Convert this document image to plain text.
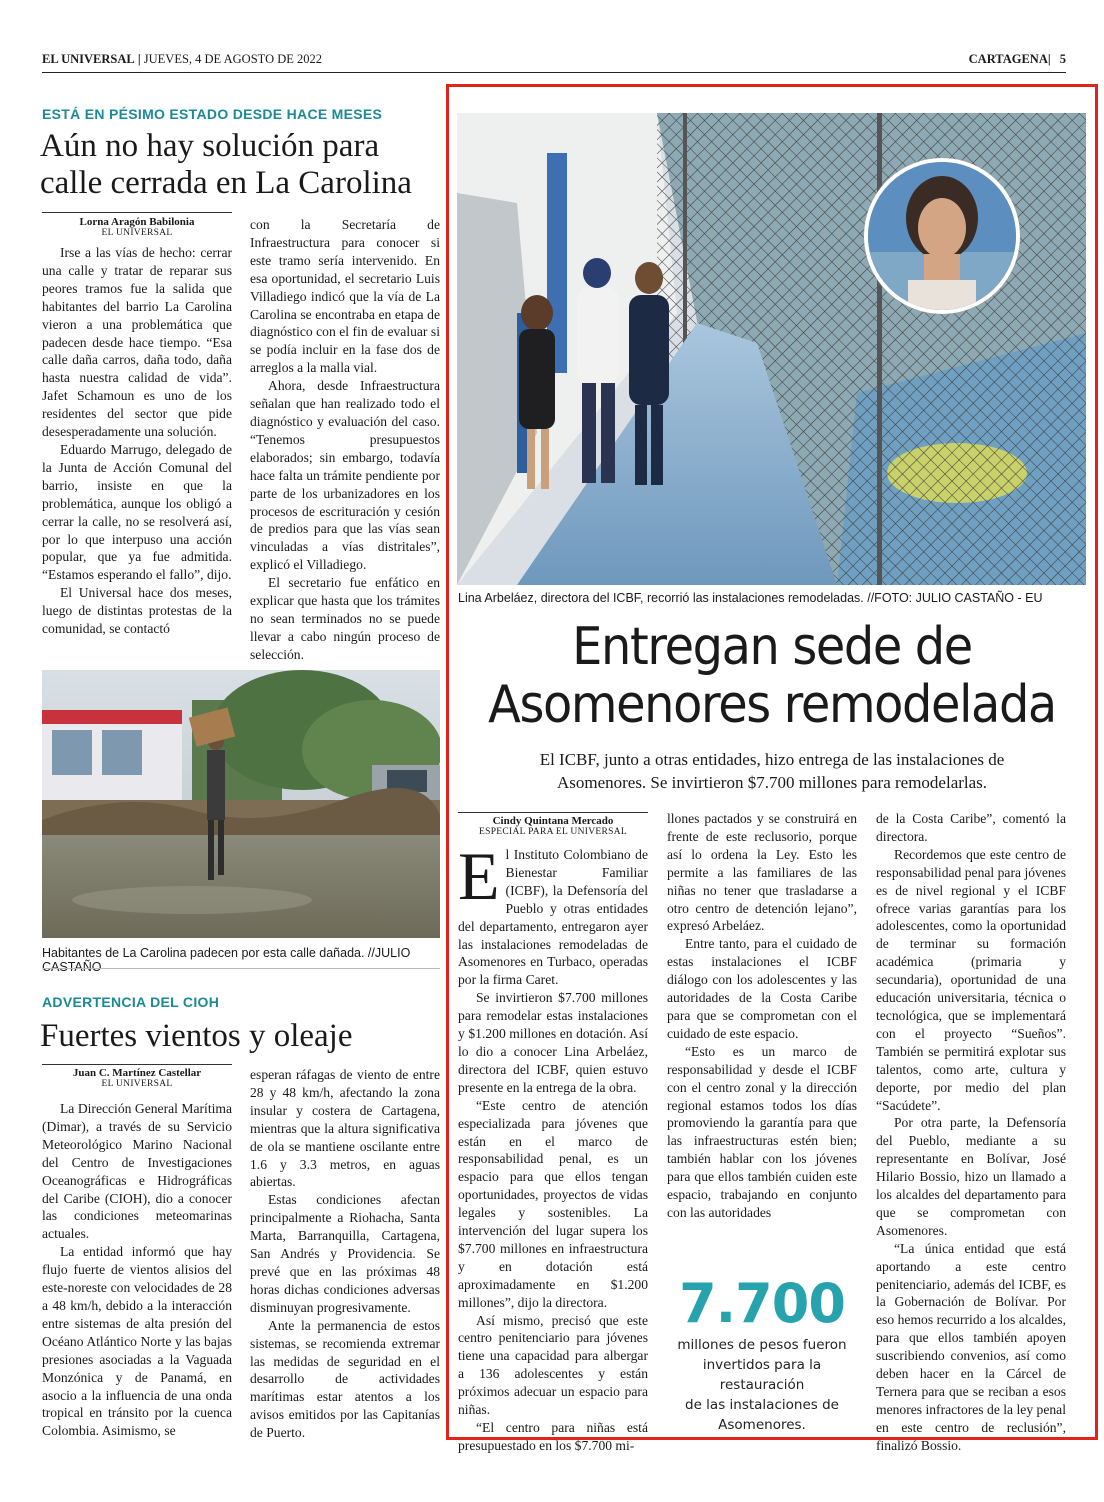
EL UNIVERSAL | JUEVES, 4 DE AGOSTO DE 2022	CARTAGENA| 5
ESTÁ EN PÉSIMO ESTADO DESDE HACE MESES
Aún no hay solución para
calle cerrada en La Carolina
Lorna Aragón Babilonia
EL UNIVERSAL

Irse a las vías de hecho: cerrar una calle y tratar de reparar sus peores tramos fue la salida que habitantes del barrio La Carolina vieron a una problemática que padecen desde hace tiempo. “Esa calle daña carros, daña todo, daña hasta nuestra calidad de vida”. Jafet Schamoun es uno de los residentes del sector que pide desesperadamente una solución.

Eduardo Marrugo, delegado de la Junta de Acción Comunal del barrio, insiste en que la problemática, aunque los obligó a cerrar la calle, no se resolverá así, por lo que interpuso una acción popular, que ya fue admitida. “Estamos esperando el fallo”, dijo.

El Universal hace dos meses, luego de distintas protestas de la comunidad, se contactó

con la Secretaría de Infraestructura para conocer si este tramo sería intervenido. En esa oportunidad, el secretario Luis Villadiego indicó que la vía de La Carolina se encontraba en etapa de diagnóstico con el fin de evaluar si se podía incluir en la fase dos de arreglos a la malla vial.

Ahora, desde Infraestructura señalan que han realizado todo el diagnóstico y evaluación del caso. “Tenemos presupuestos elaborados; sin embargo, todavía hace falta un trámite pendiente por parte de los urbanizadores en los procesos de escrituración y cesión de predios para que las vías sean vinculadas a vías distritales”, explicó el Villadiego.

El secretario fue enfático en explicar que hasta que los trámites no sean terminados no se puede llevar a cabo ningún proceso de selección.

Habitantes de La Carolina padecen por esta calle dañada. //JULIO CASTAÑO
ADVERTENCIA DEL CIOH
Fuertes vientos y oleaje
Juan C. Martínez Castellar
EL UNIVERSAL

La Dirección General Marítima (Dimar), a través de su Servicio Meteorológico Marino Nacional del Centro de Investigaciones Oceanográficas e Hidrográficas del Caribe (CIOH), dio a conocer las condiciones meteomarinas actuales.

La entidad informó que hay flujo fuerte de vientos alisios del este-noreste con velocidades de 28 a 48 km/h, debido a la interacción entre sistemas de alta presión del Océano Atlántico Norte y las bajas presiones asociadas a la Vaguada Monzónica y de Panamá, en asocio a la influencia de una onda tropical en tránsito por la cuenca Colombia. Asimismo, se

esperan ráfagas de viento de entre 28 y 48 km/h, afectando la zona insular y costera de Cartagena, mientras que la altura significativa de ola se mantiene oscilante entre 1.6 y 3.3 metros, en aguas abiertas.

Estas condiciones afectan principalmente a Riohacha, Santa Marta, Barranquilla, Cartagena, San Andrés y Providencia. Se prevé que en las próximas 48 horas dichas condiciones adversas disminuyan progresivamente.

Ante la permanencia de estos sistemas, se recomienda extremar las medidas de seguridad en el desarrollo de actividades marítimas estar atentos a los avisos emitidos por las Capitanías de Puerto.

Lina Arbeláez, directora del ICBF, recorrió las instalaciones remodeladas. //FOTO: JULIO CASTAÑO - EU
Entregan sede de
Asomenores remodelada
El ICBF, junto a otras entidades, hizo entrega de las instalaciones de
Asomenores. Se invirtieron $7.700 millones para remodelarlas.
Cindy Quintana Mercado
ESPECIAL PARA EL UNIVERSAL

El Instituto Colombiano de Bienestar Familiar (ICBF), la Defensoría del Pueblo y otras entidades del departamento, entregaron ayer las instalaciones remodeladas de Asomenores en Turbaco, operadas por la firma Caret.

Se invirtieron $7.700 millones para remodelar estas instalaciones y $1.200 millones en dotación. Así lo dio a conocer Lina Arbeláez, directora del ICBF, quien estuvo presente en la entrega de la obra.

“Este centro de atención especializada para jóvenes que están en el marco de responsabilidad penal, es un espacio para que ellos tengan oportunidades, proyectos de vidas legales y sostenibles. La intervención del lugar supera los $7.700 millones en infraestructura y en dotación está aproximadamente en $1.200 millones”, dijo la directora.

Así mismo, precisó que este centro penitenciario para jóvenes tiene una capacidad para albergar a 136 adolescentes y están próximos adecuar un espacio para niñas.

“El centro para niñas está presupuestado en los $7.700 mi-

llones pactados y se construirá en frente de este reclusorio, porque así lo ordena la Ley. Esto les permite a las familiares de las niñas no tener que trasladarse a otro centro de detención lejano”, expresó Arbeláez.

Entre tanto, para el cuidado de estas instalaciones el ICBF diálogo con los adolescentes y las autoridades de la Costa Caribe para que se comprometan con el cuidado de este espacio.

“Esto es un marco de responsabilidad y desde el ICBF con el centro zonal y la dirección regional estamos todos los días promoviendo la garantía para que las infraestructuras estén bien; también hablar con los jóvenes para que ellos también cuiden este espacio, trabajando en conjunto con las autoridades

de la Costa Caribe”, comentó la directora.

Recordemos que este centro de responsabilidad penal para jóvenes es de nivel regional y el ICBF ofrece varias garantías para los adolescentes, como la oportunidad de terminar su formación académica (primaria y secundaria), oportunidad de una educación universitaria, técnica o tecnológica, que se implementará con el proyecto “Sueños”. También se permitirá explotar sus talentos, como arte, cultura y deporte, por medio del plan “Sacúdete”.

Por otra parte, la Defensoría del Pueblo, mediante a su representante en Bolívar, José Hilario Bossio, hizo un llamado a los alcaldes del departamento para que se comprometan con Asomenores.

“La única entidad que está aportando a este centro penitenciario, además del ICBF, es la Gobernación de Bolívar. Por eso hemos recurrido a los alcaldes, para que ellos también apoyen suscribiendo convenios, así como deben hacer en la Cárcel de Ternera para que se reciban a esos menores infractores de la ley penal en este centro de reclusión”, finalizó Bossio.

7.700
millones de pesos fueron
invertidos para la restauración
de las instalaciones de
Asomenores.
